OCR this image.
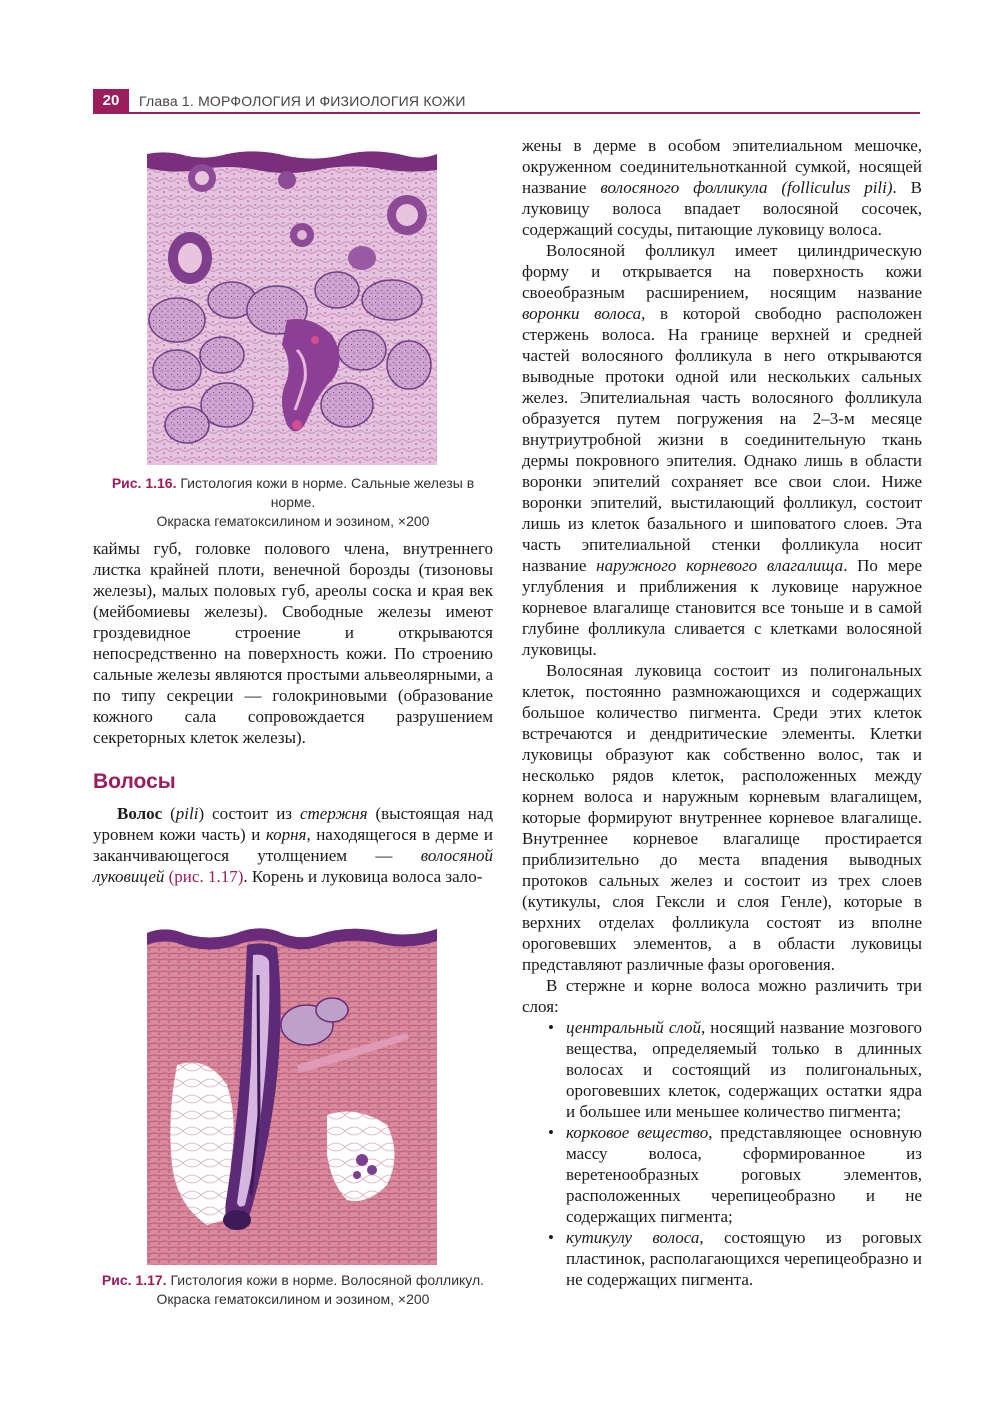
20	Глава 1. МОРФОЛОГИЯ И ФИЗИОЛОГИЯ КОЖИ
Рис. 1.16. Гистология кожи в норме. Сальные железы в норме.
Окраска гематоксилином и эозином, ×200

каймы губ, головке полового члена, внутреннего листка крайней плоти, венечной борозды (тизоновы железы), малых половых губ, ареолы соска и края век (мейбомиевы железы). Свободные железы имеют гроздевидное строение и открываются непосредственно на поверхность кожи. По строению сальные железы являются простыми альвеолярными, а по типу секреции — голокриновыми (образование кожного сала сопровождается разрушением секреторных клеток железы).

Волосы

Волос (pili) состоит из стержня (выстоящая над уровнем кожи часть) и корня, находящегося в дерме и заканчивающегося утолщением — волосяной луковицей (рис. 1.17). Корень и луковица волоса зало-

Рис. 1.17. Гистология кожи в норме. Волосяной фолликул.
Окраска гематоксилином и эозином, ×200

жены в дерме в особом эпителиальном мешочке, окруженном соединительнотканной сумкой, носящей название волосяного фолликула (folliculus pili). В луковицу волоса впадает волосяной сосочек, содержащий сосуды, питающие луковицу волоса.

Волосяной фолликул имеет цилиндрическую форму и открывается на поверхность кожи своеобразным расширением, носящим название воронки волоса, в которой свободно расположен стержень волоса. На границе верхней и средней частей волосяного фолликула в него открываются выводные протоки одной или нескольких сальных желез. Эпителиальная часть волосяного фолликула образуется путем погружения на 2–3-м месяце внутриутробной жизни в соединительную ткань дермы покровного эпителия. Однако лишь в области воронки эпителий сохраняет все свои слои. Ниже воронки эпителий, выстилающий фолликул, состоит лишь из клеток базального и шиповатого слоев. Эта часть эпителиальной стенки фолликула носит название наружного корневого влагалища. По мере углубления и приближения к луковице наружное корневое влагалище становится все тоньше и в самой глубине фолликула сливается с клетками волосяной луковицы.

Волосяная луковица состоит из полигональных клеток, постоянно размножающихся и содержащих большое количество пигмента. Среди этих клеток встречаются и дендритические элементы. Клетки луковицы образуют как собственно волос, так и несколько рядов клеток, расположенных между корнем волоса и наружным корневым влагалищем, которые формируют внутреннее корневое влагалище. Внутреннее корневое влагалище простирается приблизительно до места впадения выводных протоков сальных желез и состоит из трех слоев (кутикулы, слоя Гексли и слоя Генле), которые в верхних отделах фолликула состоят из вполне ороговевших элементов, а в области луковицы представляют различные фазы ороговения.

В стержне и корне волоса можно различить три слоя:

• центральный слой, носящий название мозгового вещества, определяемый только в длинных волосах и состоящий из полигональных, ороговевших клеток, содержащих остатки ядра и большее или меньшее количество пигмента;
• корковое вещество, представляющее основную массу волоса, сформированное из веретенообразных роговых элементов, расположенных черепицеобразно и не содержащих пигмента;
• кутикулу волоса, состоящую из роговых пластинок, располагающихся черепицеобразно и не содержащих пигмента.
